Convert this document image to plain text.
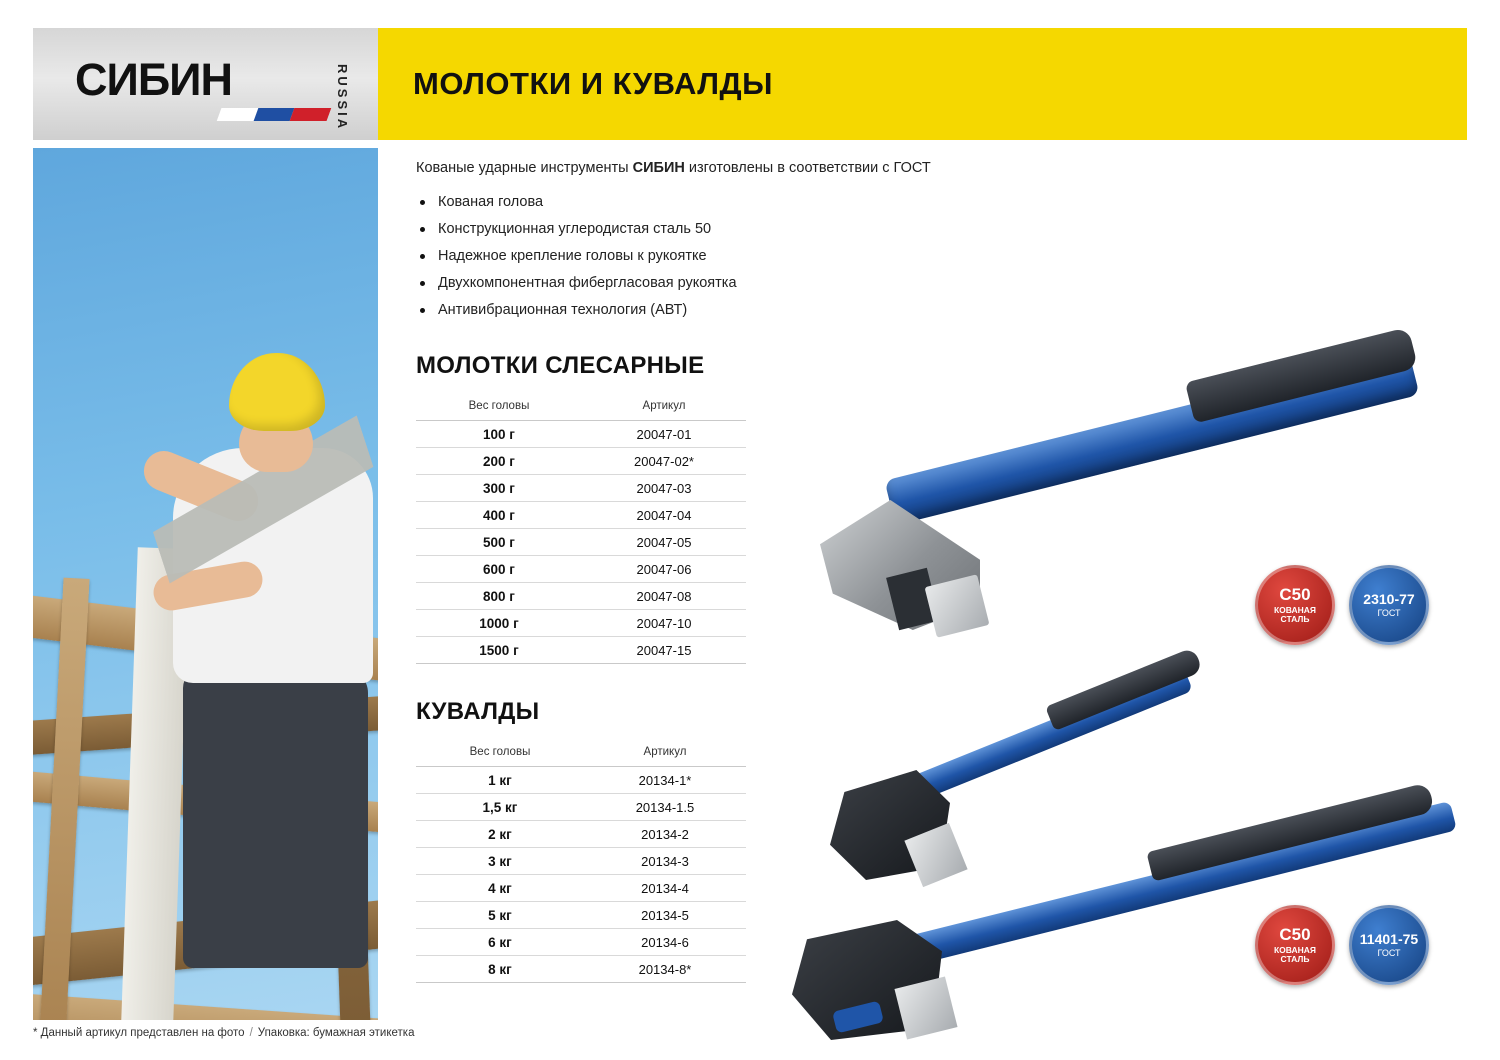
СИБИН	RUSSIA МОЛОТКИ И КУВАЛДЫ

Кованые ударные инструменты СИБИН изготовлены в соответствии с ГОСТ

Кованая голова
Конструкционная углеродистая сталь 50
Надежное крепление головы к рукоятке
Двухкомпонентная фибергласовая рукоятка
Антивибрационная технология (АВТ)
МОЛОТКИ СЛЕСАРНЫЕ
Вес головы	Артикул
100 г	20047-01
200 г	20047-02*
300 г	20047-03
400 г	20047-04
500 г	20047-05
600 г	20047-06
800 г	20047-08
1000 г	20047-10
1500 г	20047-15
КУВАЛДЫ
Вес головы	Артикул
1 кг	20134-1*
1,5 кг	20134-1.5
2 кг	20134-2
3 кг	20134-3
4 кг	20134-4
5 кг	20134-5
6 кг	20134-6
8 кг	20134-8*
C50
КОВАНАЯ
СТАЛЬ
2310-77
ГОСТ
C50
КОВАНАЯ
СТАЛЬ
11401-75
ГОСТ
* Данный артикул представлен на фото / Упаковка: бумажная этикетка
